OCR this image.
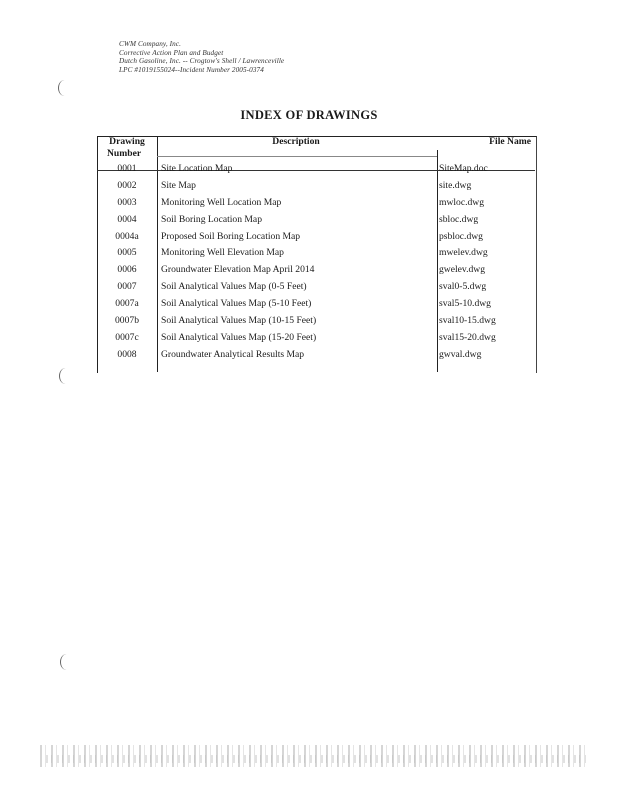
CWM Company, Inc.
Corrective Action Plan and Budget
Dutch Gasoline, Inc. -- Crogtow's Shell / Lawrenceville
LPC #1019155024--Incident Number 2005-0374
INDEX OF DRAWINGS
Drawing	Description	File Name
Number		
0001	Site Location Map	SiteMap.doc
0002	Site Map	site.dwg
0003	Monitoring Well Location Map	mwloc.dwg
0004	Soil Boring Location Map	sbloc.dwg
0004a	Proposed Soil Boring Location Map	psbloc.dwg
0005	Monitoring Well Elevation Map	mwelev.dwg
0006	Groundwater Elevation Map April 2014	gwelev.dwg
0007	Soil Analytical Values Map (0-5 Feet)	sval0-5.dwg
0007a	Soil Analytical Values Map (5-10 Feet)	sval5-10.dwg
0007b	Soil Analytical Values Map (10-15 Feet)	sval10-15.dwg
0007c	Soil Analytical Values Map (15-20 Feet)	sval15-20.dwg
0008	Groundwater Analytical Results Map	gwval.dwg
